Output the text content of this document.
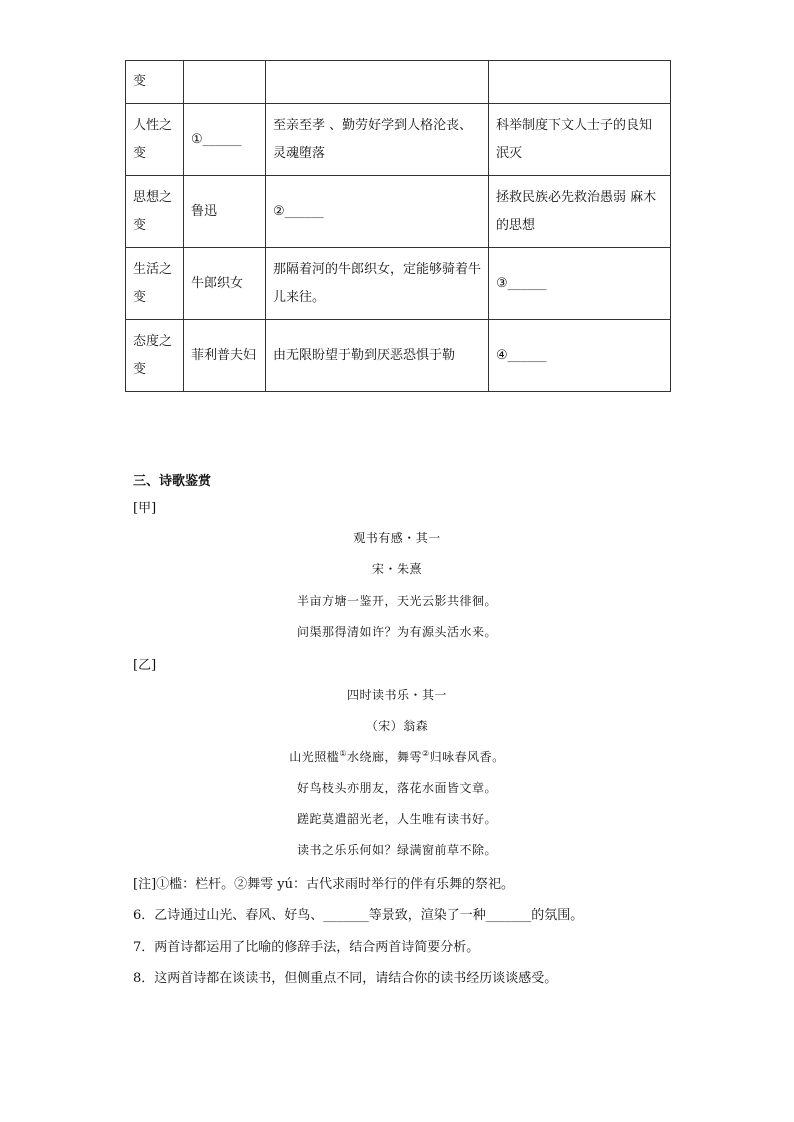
变			
人性之变	①______	至亲至孝 、勤劳好学到人格沦丧、灵魂堕落	科举制度下文人士子的良知泯灭
思想之变	鲁迅	②______	拯救民族必先救治愚弱 麻木的思想
生活之变	牛郎织女	那隔着河的牛郎织女，定能够骑着牛儿来往。	③______
态度之变	菲利普夫妇	由无限盼望于勒到厌恶恐惧于勒	④______
三、诗歌鉴赏
[甲]
观书有感・其一
宋・朱熹
半亩方塘一鉴开，天光云影共徘徊。
问渠那得清如许？为有源头活水来。
[乙]
四时读书乐・其一
（宋）翁森
山光照槛①水绕廊，舞雩②归咏春风香。
好鸟枝头亦朋友，落花水面皆文章。
蹉跎莫遣韶光老，人生唯有读书好。
读书之乐乐何如？绿满窗前草不除。
[注]①槛：栏杆。②舞雩 yú：古代求雨时举行的伴有乐舞的祭祀。
6．乙诗通过山光、春风、好鸟、_______等景致，渲染了一种_______的氛围。
7．两首诗都运用了比喻的修辞手法，结合两首诗简要分析。
8．这两首诗都在谈读书，但侧重点不同，请结合你的读书经历谈谈感受。
